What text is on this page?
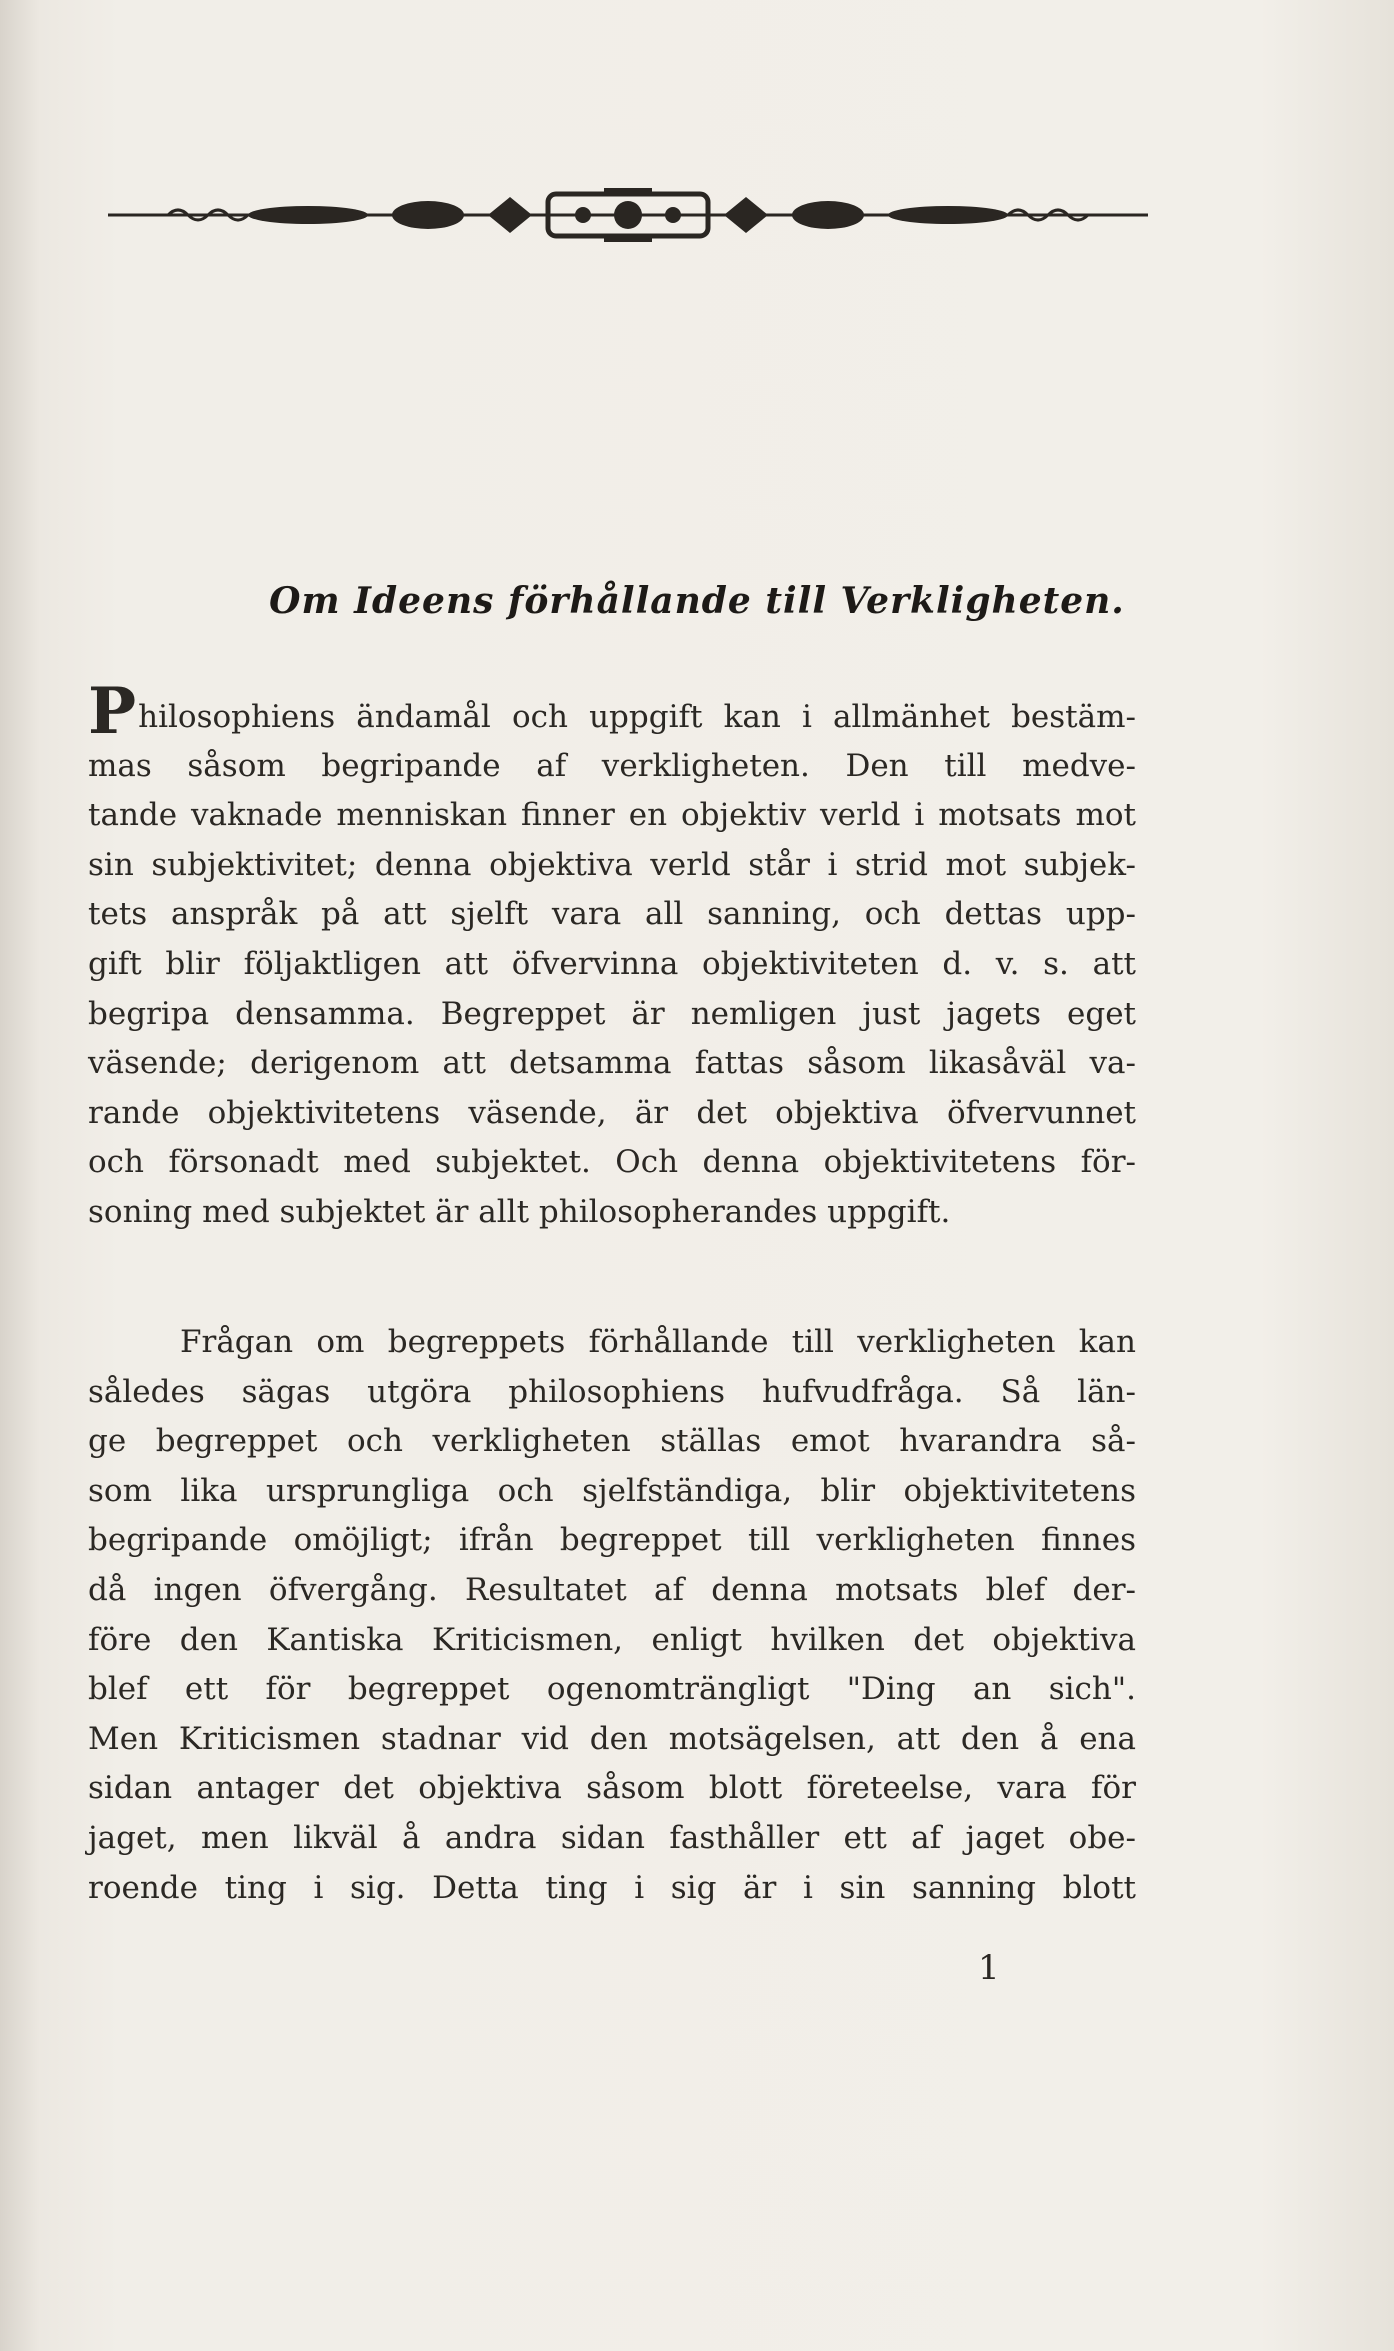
Om Ideens förhållande till Verkligheten.
Philosophiens ändamål och uppgift kan i allmänhet bestäm-
mas såsom begripande af verkligheten. Den till medve-
tande vaknade menniskan finner en objektiv verld i motsats mot
sin subjektivitet; denna objektiva verld står i strid mot subjek-
tets anspråk på att sjelft vara all sanning, och dettas upp-
gift blir följaktligen att öfvervinna objektiviteten d. v. s. att
begripa densamma. Begreppet är nemligen just jagets eget
väsende; derigenom att detsamma fattas såsom likasåväl va-
rande objektivitetens väsende, är det objektiva öfvervunnet
och försonadt med subjektet. Och denna objektivitetens för-
soning med subjektet är allt philosopherandes uppgift.
Frågan om begreppets förhållande till verkligheten kan
således sägas utgöra philosophiens hufvudfråga. Så län-
ge begreppet och verkligheten ställas emot hvarandra så-
som lika ursprungliga och sjelfständiga, blir objektivitetens
begripande omöjligt; ifrån begreppet till verkligheten finnes
då ingen öfvergång. Resultatet af denna motsats blef der-
före den Kantiska Kriticismen, enligt hvilken det objektiva
blef ett för begreppet ogenomträngligt "Ding an sich".
Men Kriticismen stadnar vid den motsägelsen, att den å ena
sidan antager det objektiva såsom blott företeelse, vara för
jaget, men likväl å andra sidan fasthåller ett af jaget obe-
roende ting i sig. Detta ting i sig är i sin sanning blott
1
